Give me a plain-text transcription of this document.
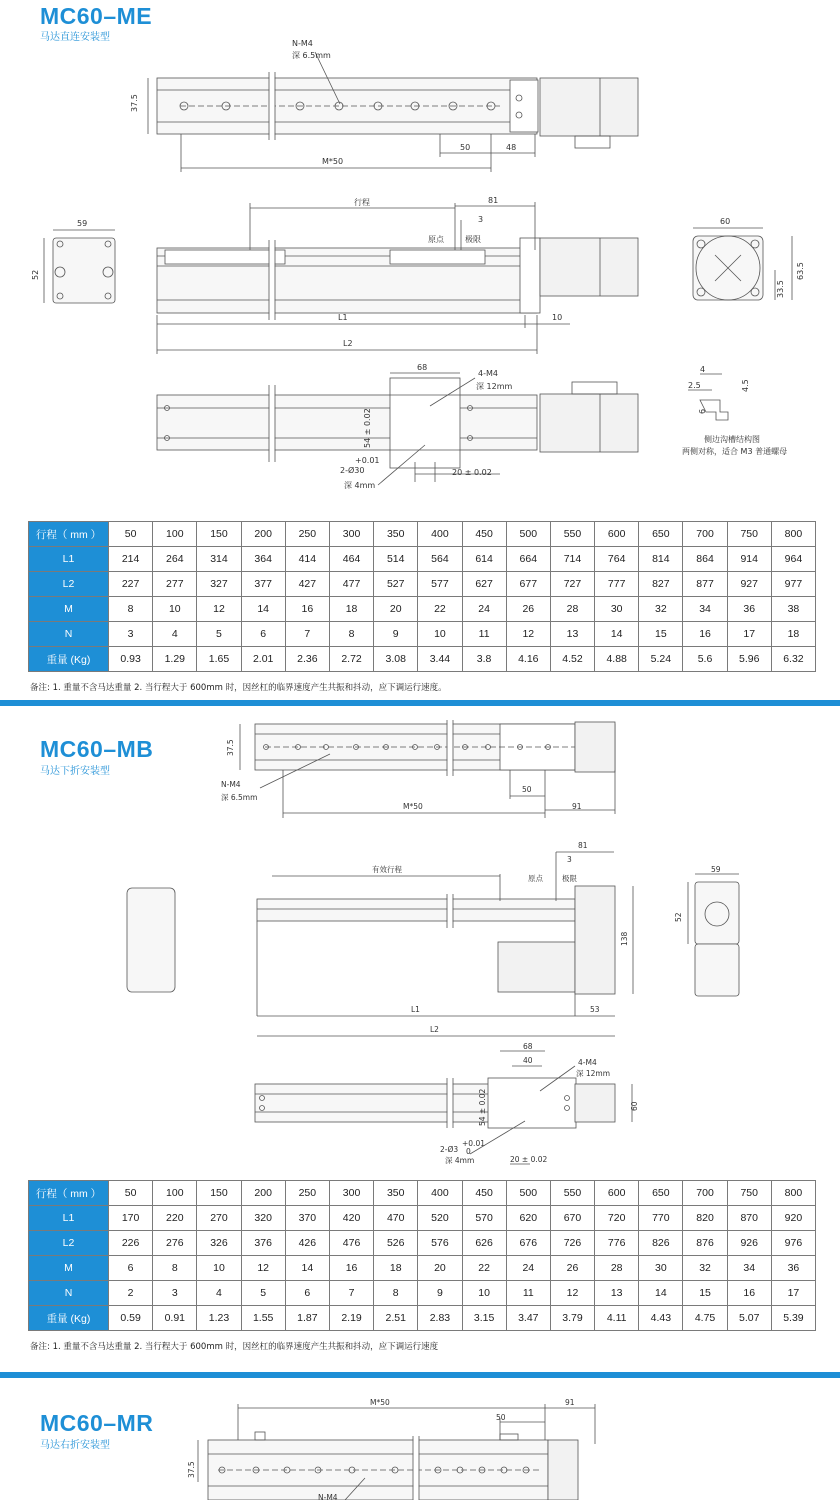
MC60–ME
马达直连安装型
N-M4
深 6.5mm
37.5
M*50
50	48
行程	81
3
原点	极限
59
52
60
33.5
63.5
L1
L2
10
68
4-M4
深 12mm
54 ± 0.02
+0.01
2-Ø30
深 4mm
20 ± 0.02
4
2.5	4.5
6
侧边沟槽结构图
两侧对称，适合 M3 普通螺母
行程（ mm ）	50	100	150	200	250	300	350	400	450	500	550	600	650	700	750	800
L1	214	264	314	364	414	464	514	564	614	664	714	764	814	864	914	964
L2	227	277	327	377	427	477	527	577	627	677	727	777	827	877	927	977
M	8	10	12	14	16	18	20	22	24	26	28	30	32	34	36	38
N	3	4	5	6	7	8	9	10	11	12	13	14	15	16	17	18
重量 (Kg)	0.93	1.29	1.65	2.01	2.36	2.72	3.08	3.44	3.8	4.16	4.52	4.88	5.24	5.6	5.96	6.32
备注: 1. 重量不含马达重量 2. 当行程大于 600mm 时，因丝杠的临界速度产生共振和抖动，应下调运行速度。
MC60–MB
马达下折安装型
37.5
N-M4
深 6.5mm
M*50
50
91
81
3
有效行程
原点	极限
138
59
52
L1
L2
53
68
40	4-M4
深 12mm
60
54 ± 0.02
+0.01
0
2-Ø3
深 4mm	20 ± 0.02
行程（ mm ）	50	100	150	200	250	300	350	400	450	500	550	600	650	700	750	800
L1	170	220	270	320	370	420	470	520	570	620	670	720	770	820	870	920
L2	226	276	326	376	426	476	526	576	626	676	726	776	826	876	926	976
M	6	8	10	12	14	16	18	20	22	24	26	28	30	32	34	36
N	2	3	4	5	6	7	8	9	10	11	12	13	14	15	16	17
重量 (Kg)	0.59	0.91	1.23	1.55	1.87	2.19	2.51	2.83	3.15	3.47	3.79	4.11	4.43	4.75	5.07	5.39
备注: 1. 重量不含马达重量 2. 当行程大于 600mm 时，因丝杠的临界速度产生共振和抖动，应下调运行速度
MC60–MR
马达右折安装型
M*50	91
50
37.5
N-M4
